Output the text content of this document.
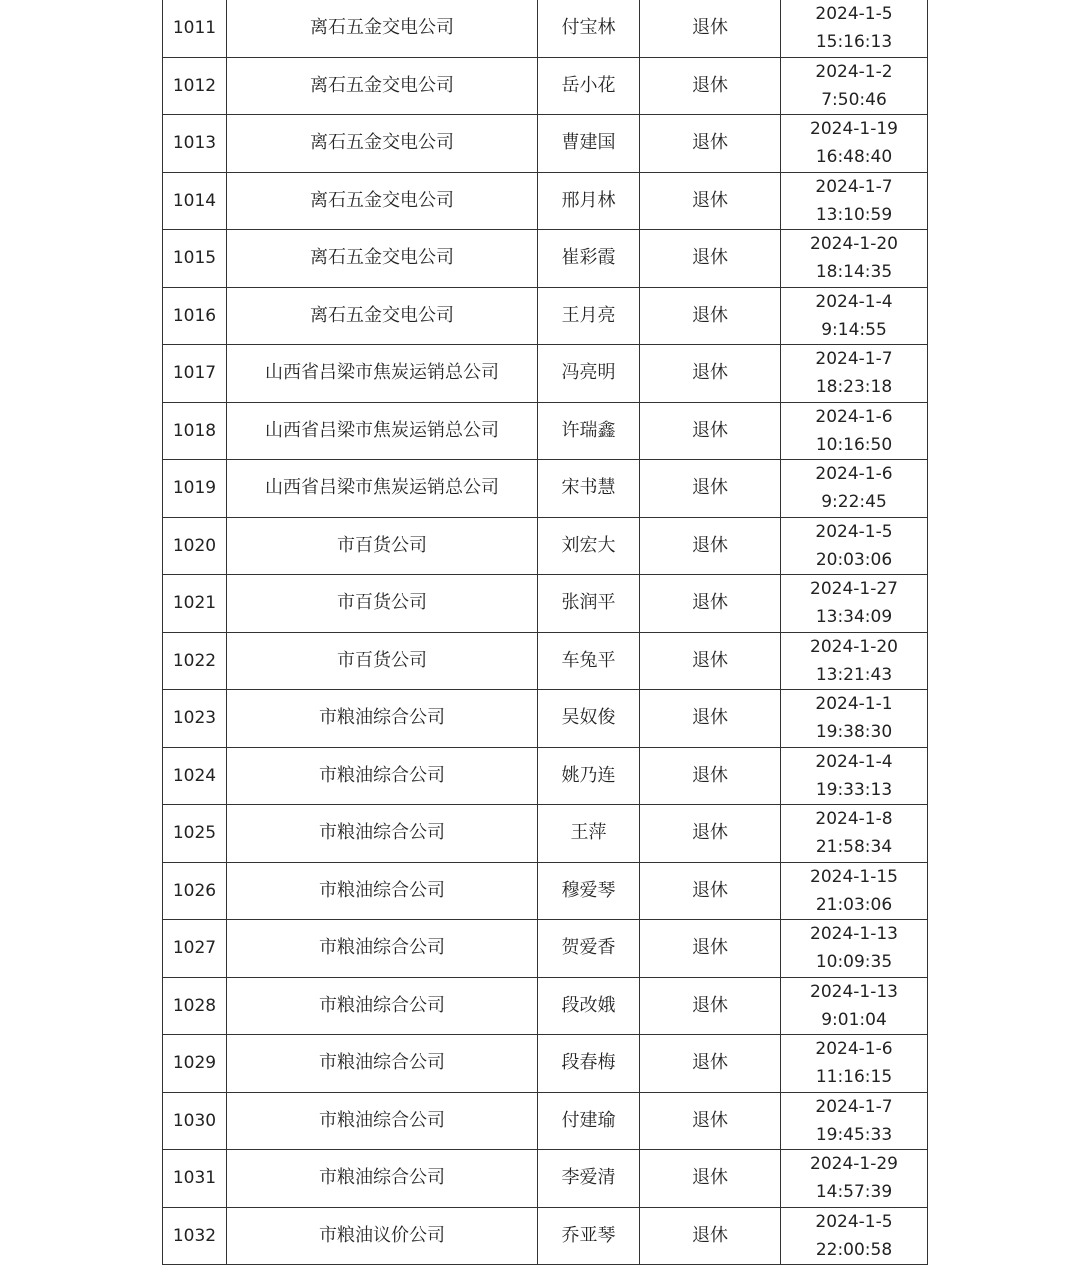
1011	离石五金交电公司	付宝林	退休	2024-1-5
15:16:13

1012	离石五金交电公司	岳小花	退休	2024-1-2
7:50:46

1013	离石五金交电公司	曹建国	退休	2024-1-19
16:48:40

1014	离石五金交电公司	邢月林	退休	2024-1-7
13:10:59

1015	离石五金交电公司	崔彩霞	退休	2024-1-20
18:14:35

1016	离石五金交电公司	王月亮	退休	2024-1-4
9:14:55

1017	山西省吕梁市焦炭运销总公司	冯亮明	退休	2024-1-7
18:23:18

1018	山西省吕梁市焦炭运销总公司	许瑞鑫	退休	2024-1-6
10:16:50

1019	山西省吕梁市焦炭运销总公司	宋书慧	退休	2024-1-6
9:22:45

1020	市百货公司	刘宏大	退休	2024-1-5
20:03:06

1021	市百货公司	张润平	退休	2024-1-27
13:34:09

1022	市百货公司	车兔平	退休	2024-1-20
13:21:43

1023	市粮油综合公司	吴奴俊	退休	2024-1-1
19:38:30

1024	市粮油综合公司	姚乃连	退休	2024-1-4
19:33:13

1025	市粮油综合公司	王萍	退休	2024-1-8
21:58:34

1026	市粮油综合公司	穆爱琴	退休	2024-1-15
21:03:06

1027	市粮油综合公司	贺爱香	退休	2024-1-13
10:09:35

1028	市粮油综合公司	段改娥	退休	2024-1-13
9:01:04

1029	市粮油综合公司	段春梅	退休	2024-1-6
11:16:15

1030	市粮油综合公司	付建瑜	退休	2024-1-7
19:45:33

1031	市粮油综合公司	李爱清	退休	2024-1-29
14:57:39

1032	市粮油议价公司	乔亚琴	退休	2024-1-5
22:00:58
